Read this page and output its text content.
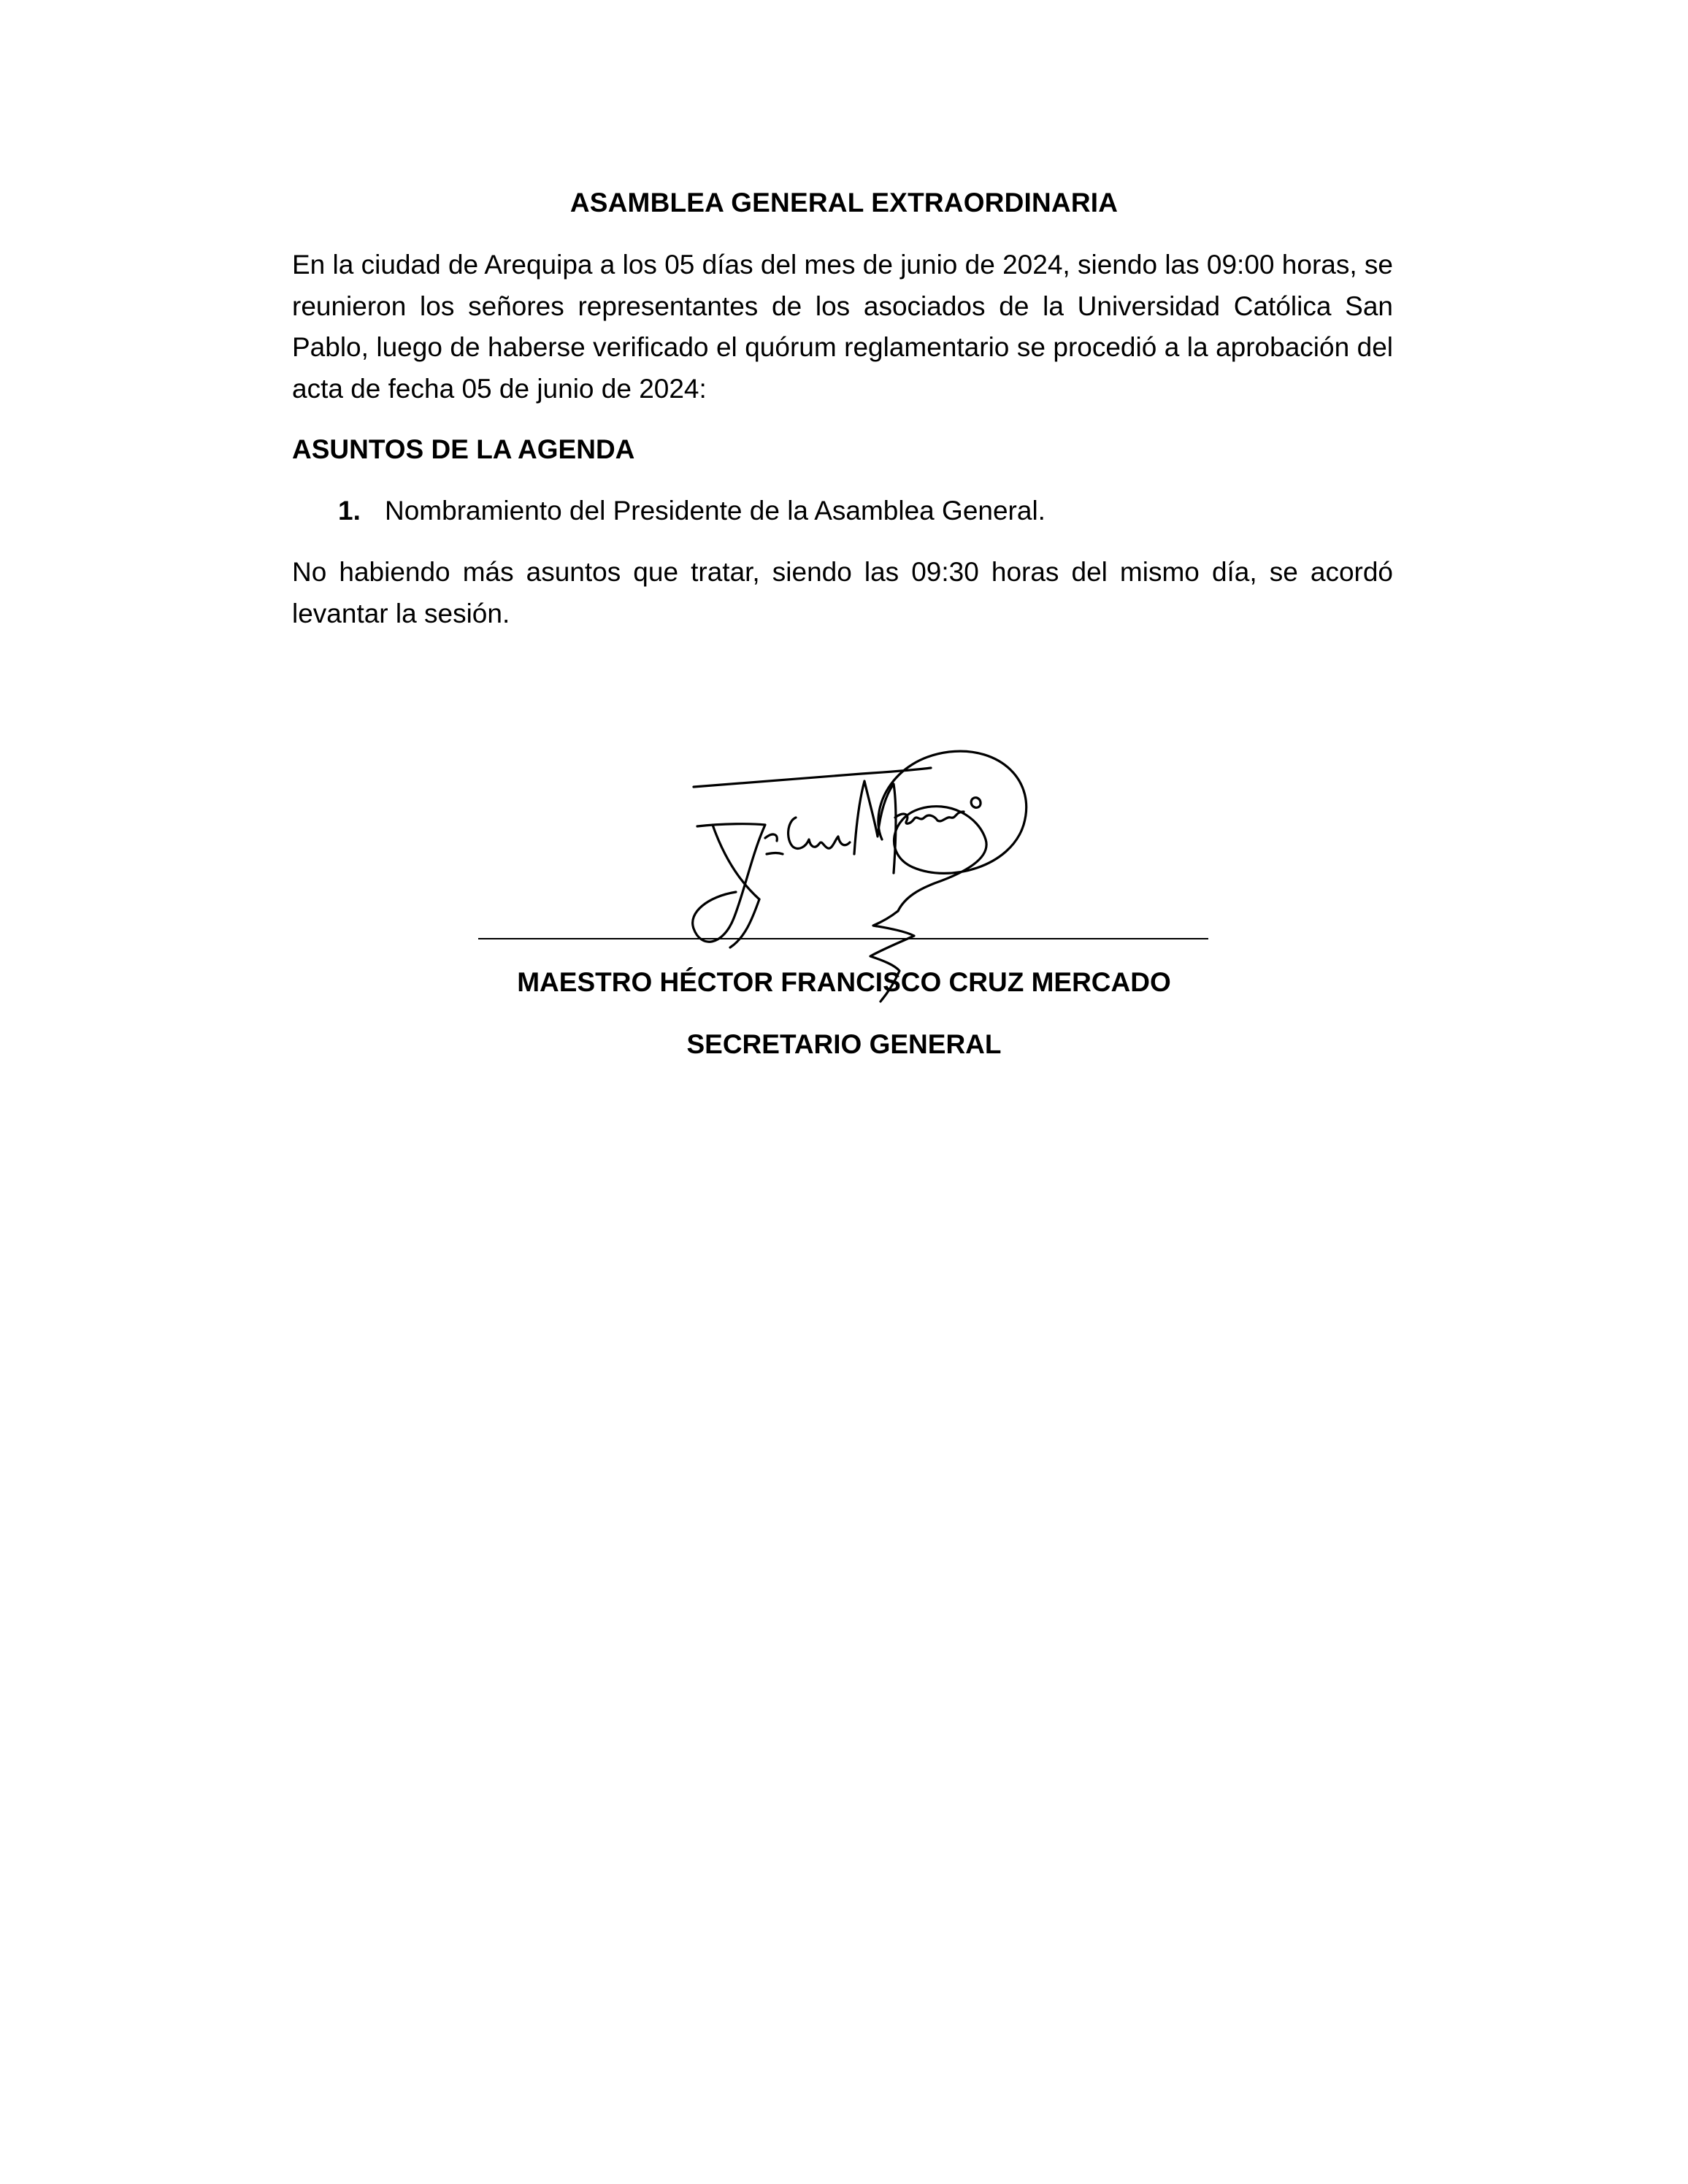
ASAMBLEA GENERAL EXTRAORDINARIA
En la ciudad de Arequipa a los 05 días del mes de junio de 2024, siendo las 09:00 horas, se reunieron los señores representantes de los asociados de la Universidad Católica San Pablo, luego de haberse verificado el quórum reglamentario se procedió a la aprobación del acta de fecha 05 de junio de 2024:
ASUNTOS DE LA AGENDA
1. Nombramiento del Presidente de la Asamblea General.
No habiendo más asuntos que tratar, siendo las 09:30 horas del mismo día, se acordó levantar la sesión.
MAESTRO HÉCTOR FRANCISCO CRUZ MERCADO
SECRETARIO GENERAL
